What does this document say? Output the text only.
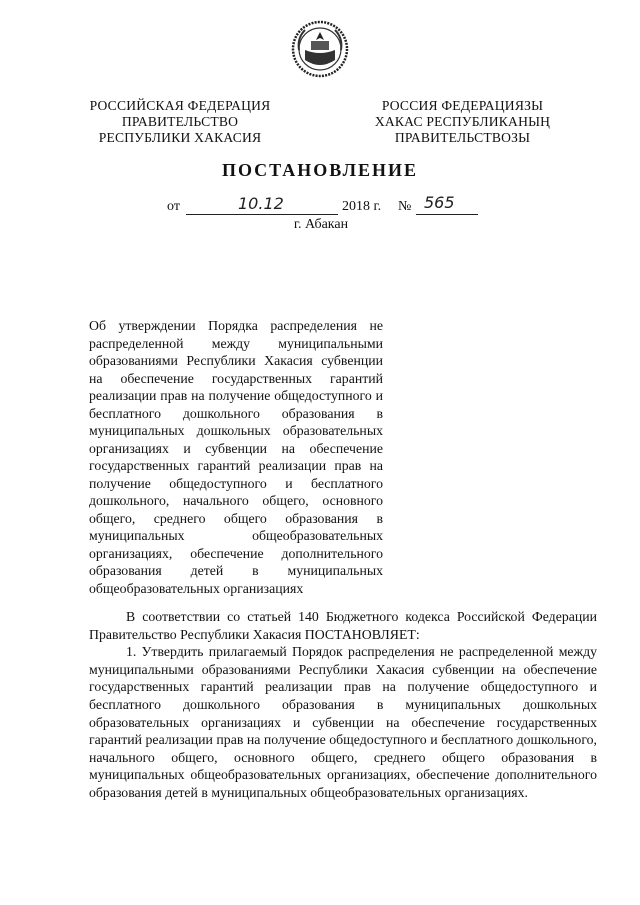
РОССИЙСКАЯ ФЕДЕРАЦИЯ
ПРАВИТЕЛЬСТВО
РЕСПУБЛИКИ ХАКАСИЯ
РОССИЯ ФЕДЕРАЦИЯЗЫ
ХАКАС РЕСПУБЛИКАНЫҢ
ПРАВИТЕЛЬСТВОЗЫ
ПОСТАНОВЛЕНИЕ
от	10.12	2018 г. № 565
г. Абакан
Об утверждении Порядка распределения не распределенной между муниципальными образованиями Республики Хакасия субвенции на обеспечение государственных гарантий реализации прав на получение общедоступного и бесплатного дошкольного образования в муниципальных дошкольных образовательных организациях и субвенции на обеспечение государственных гарантий реализации прав на получение общедоступного и бесплатного дошкольного, начального общего, основного общего, среднего общего образования в муниципальных общеобразовательных организациях, обеспечение дополнительного образования детей в муниципальных общеобразовательных организациях

В соответствии со статьей 140 Бюджетного кодекса Российской Федерации Правительство Республики Хакасия ПОСТАНОВЛЯЕТ:

1. Утвердить прилагаемый Порядок распределения не распределенной между муниципальными образованиями Республики Хакасия субвенции на обеспечение государственных гарантий реализации прав на получение общедоступного и бесплатного дошкольного образования в муниципальных дошкольных образовательных организациях и субвенции на обеспечение государственных гарантий реализации прав на получение общедоступного и бесплатного дошкольного, начального общего, основного общего, среднего общего образования в муниципальных общеобразовательных организациях, обеспечение дополнительного образования детей в муниципальных общеобразовательных организациях.
